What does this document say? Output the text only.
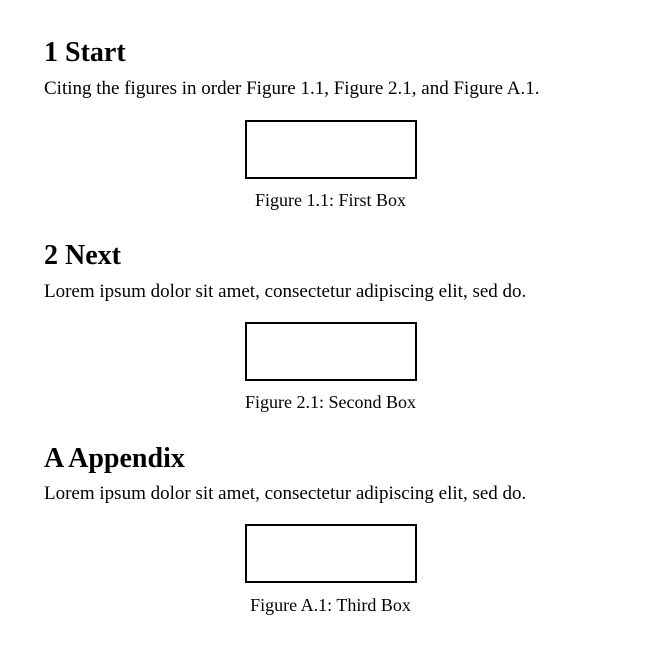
1 Start

Citing the figures in order Figure 1.1, Figure 2.1, and Figure A.1.

Figure 1.1: First Box

2 Next

Lorem ipsum dolor sit amet, consectetur adipiscing elit, sed do.

Figure 2.1: Second Box

A Appendix

Lorem ipsum dolor sit amet, consectetur adipiscing elit, sed do.

Figure A.1: Third Box
